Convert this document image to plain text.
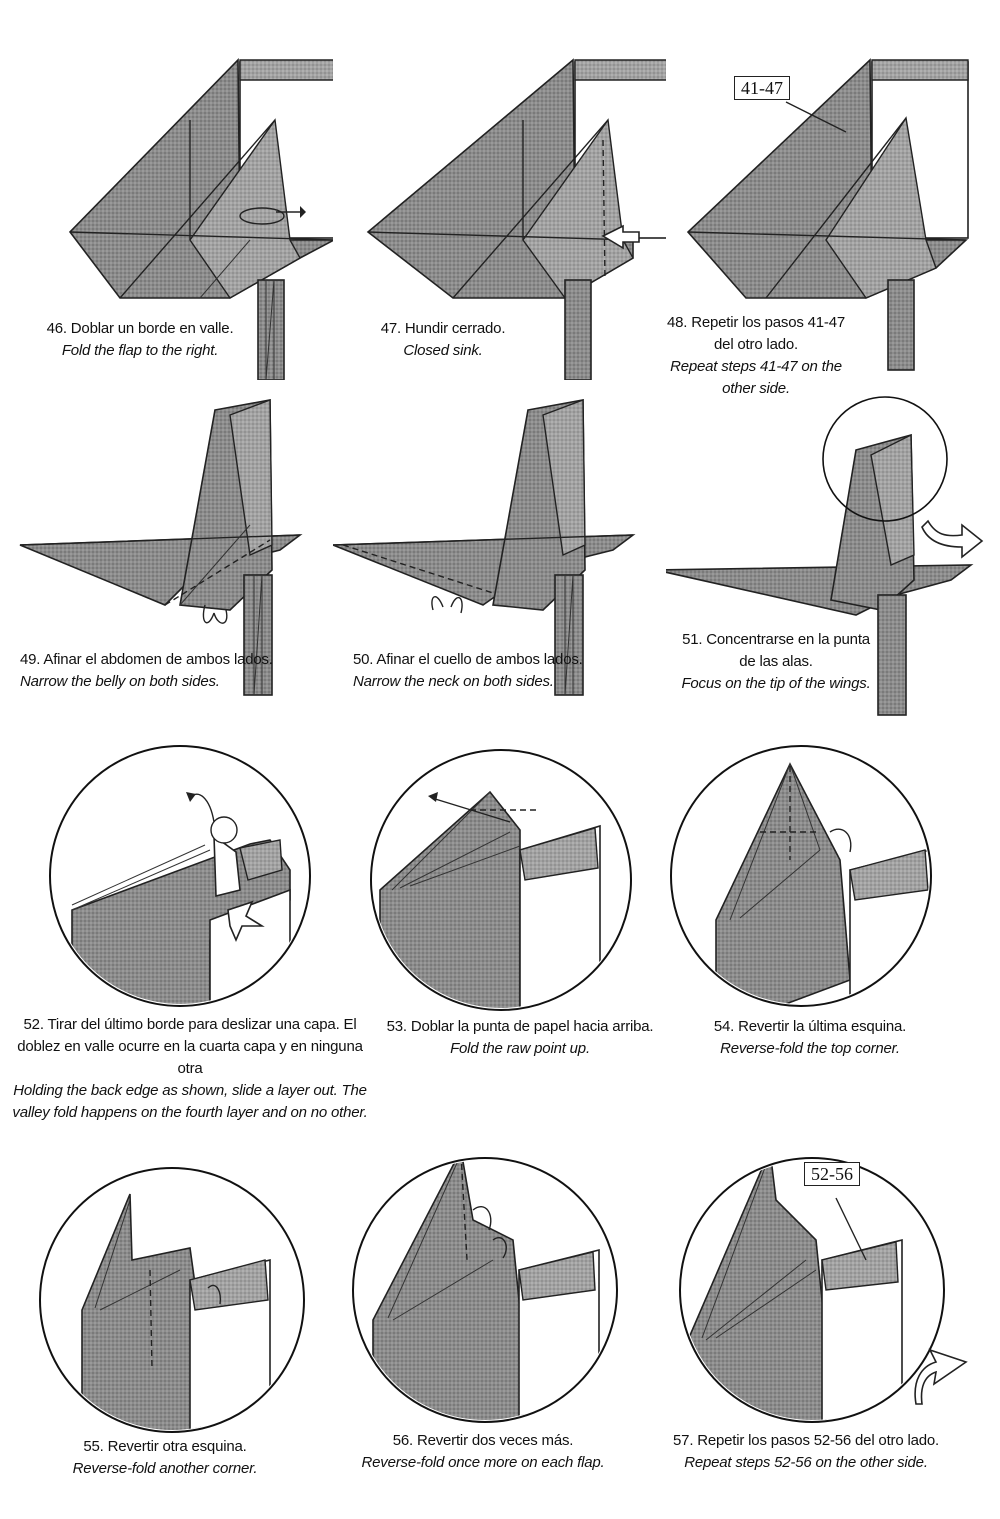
46. Doblar un borde en valle.
Fold the flap to the right.
47. Hundir cerrado.
Closed sink.
41-47
48. Repetir los pasos 41-47 del otro lado.
Repeat steps 41-47 on the other side.
49. Afinar el abdomen de ambos lados.
Narrow the belly on both sides.
50. Afinar el cuello de ambos lados.
Narrow the neck on both sides.
51. Concentrarse en la punta de las alas.
Focus on the tip of the wings.
52. Tirar del último borde para deslizar una capa. El doblez en valle ocurre en la cuarta capa y en ninguna otra
Holding the back edge as shown, slide a layer out. The valley fold happens on the fourth layer and on no other.
53. Doblar la punta de papel hacia arriba.
Fold the raw point up.
54. Revertir la última esquina.
Reverse-fold the top corner.
55. Revertir otra esquina.
Reverse-fold another corner.
56. Revertir dos veces más.
Reverse-fold once more on each flap.
52-56
57. Repetir los pasos 52-56 del otro lado.
Repeat steps 52-56 on the other side.
